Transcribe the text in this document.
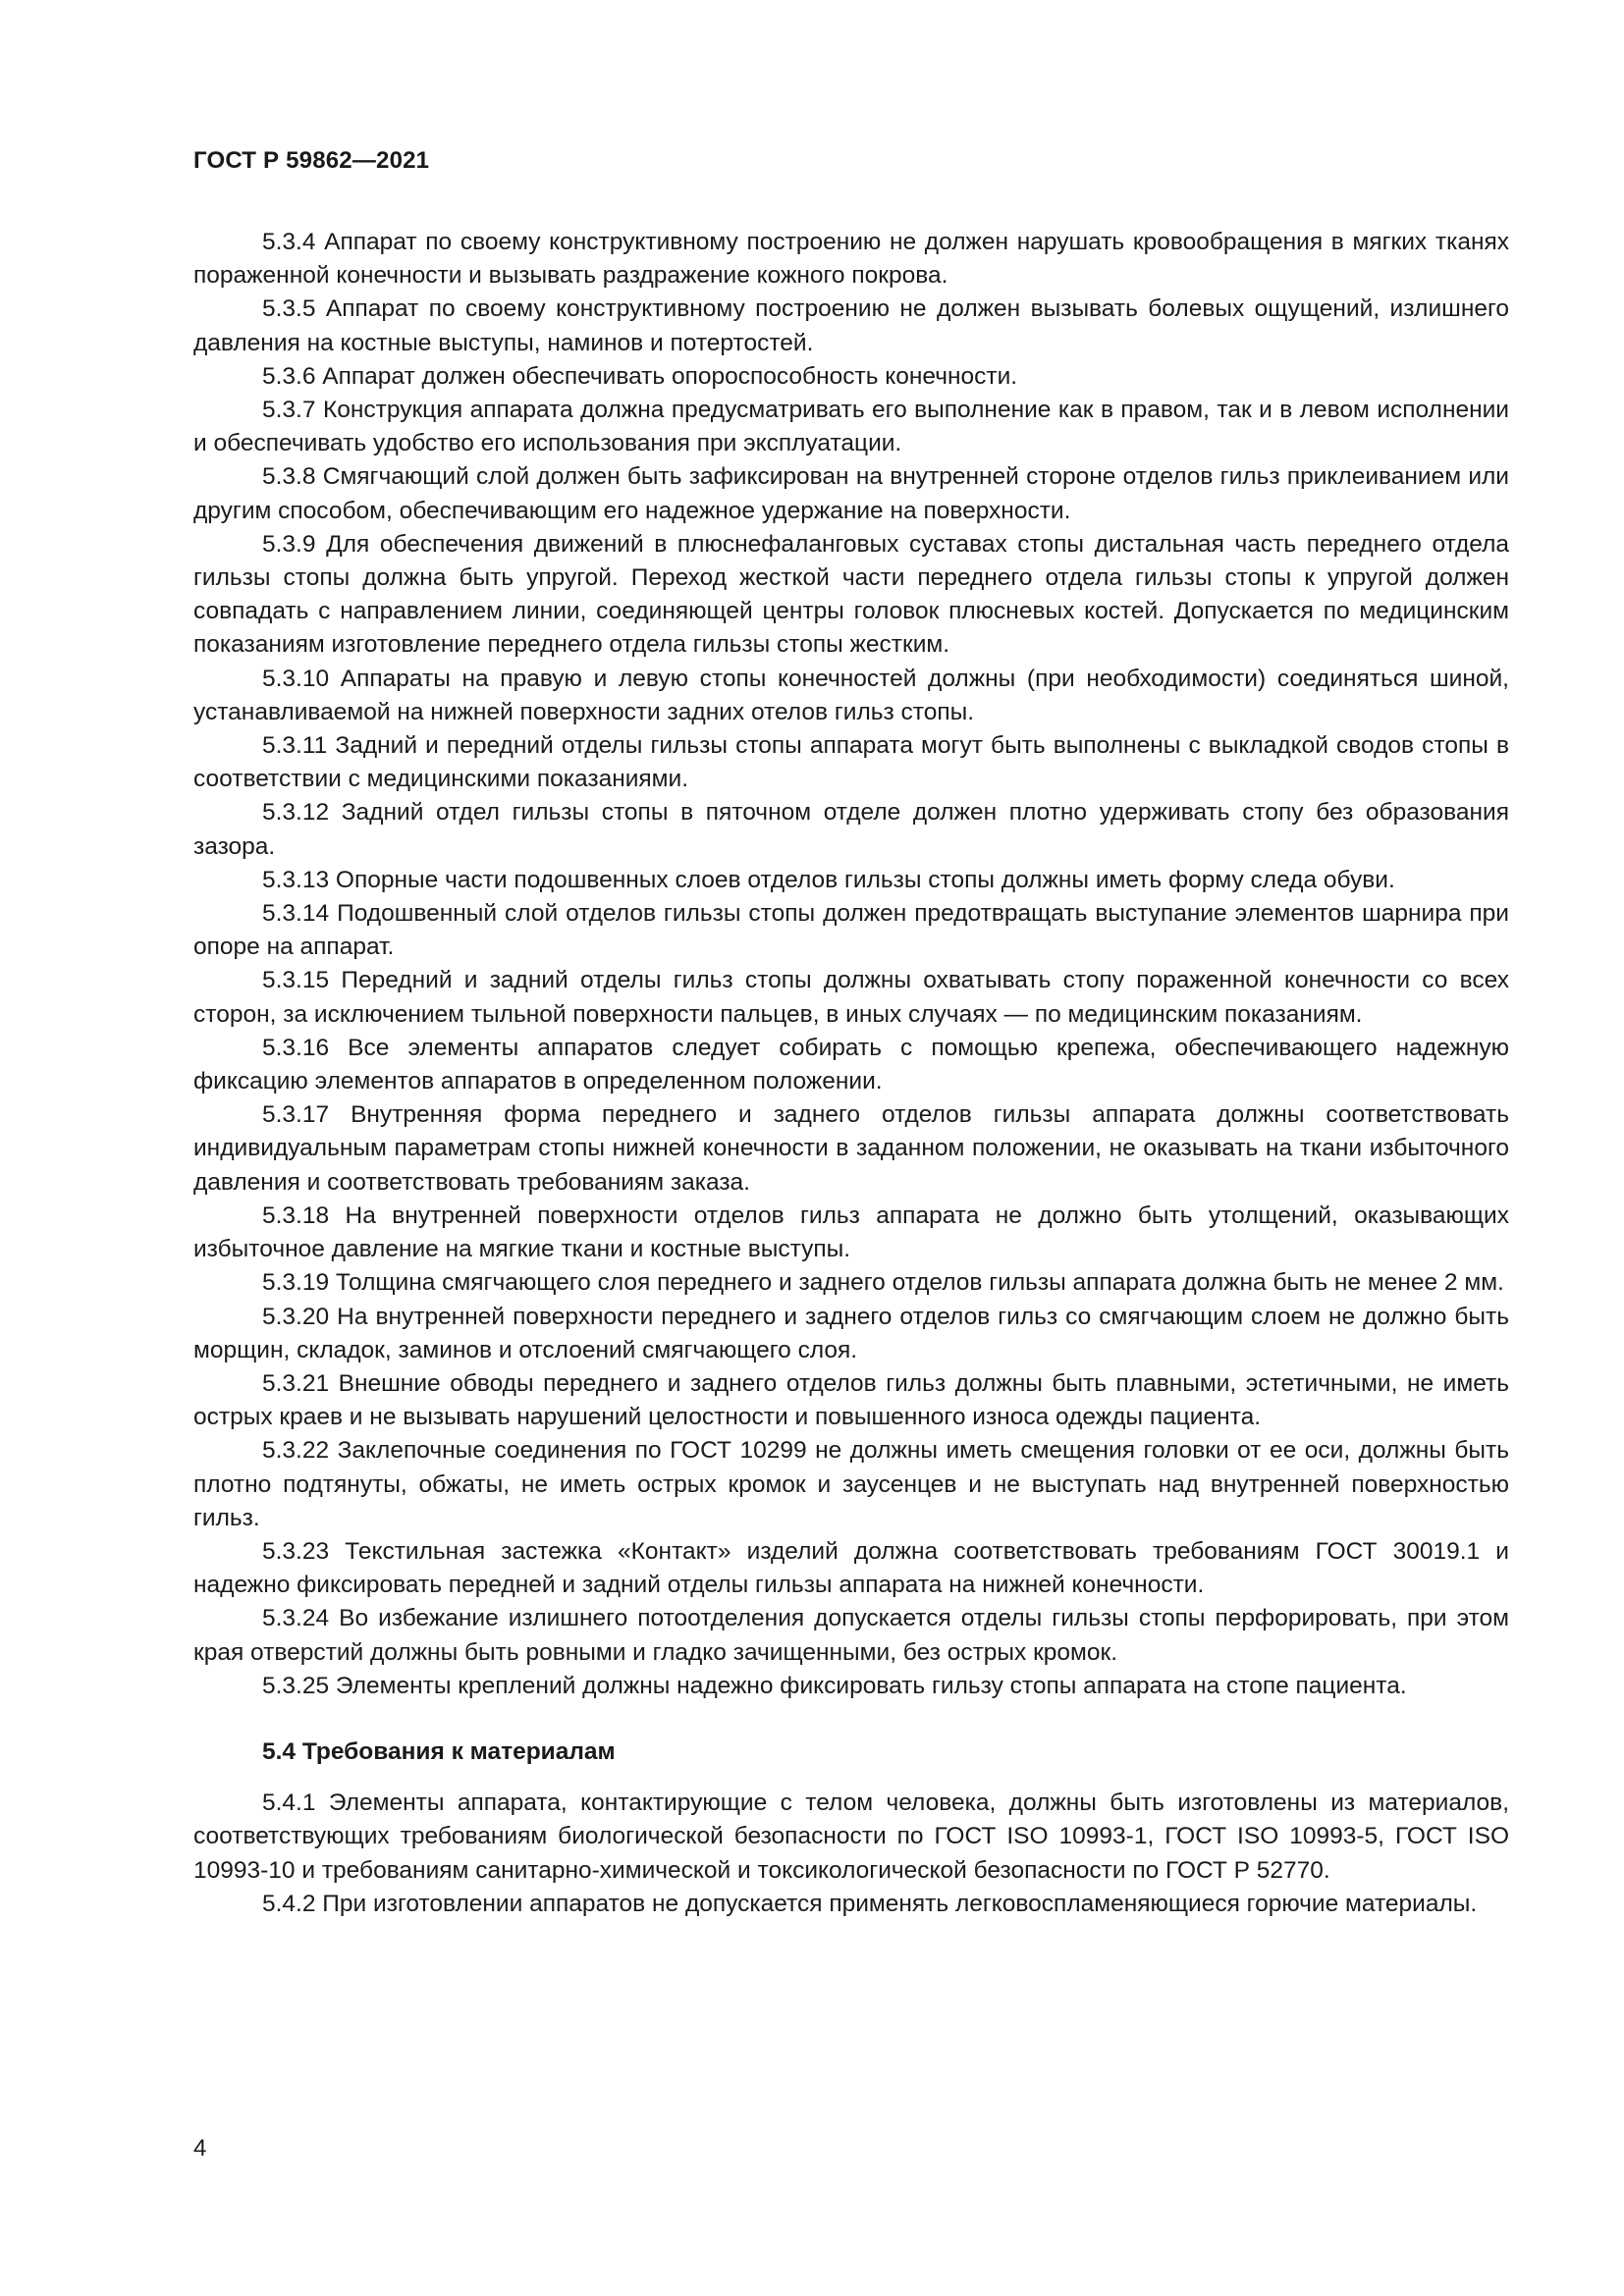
ГОСТ Р 59862—2021

5.3.4 Аппарат по своему конструктивному построению не должен нарушать кровообращения в мягких тканях пораженной конечности и вызывать раздражение кожного покрова.

5.3.5 Аппарат по своему конструктивному построению не должен вызывать болевых ощущений, излишнего давления на костные выступы, наминов и потертостей.

5.3.6 Аппарат должен обеспечивать опороспособность конечности.

5.3.7 Конструкция аппарата должна предусматривать его выполнение как в правом, так и в левом исполнении и обеспечивать удобство его использования при эксплуатации.

5.3.8 Смягчающий слой должен быть зафиксирован на внутренней стороне отделов гильз приклеиванием или другим способом, обеспечивающим его надежное удержание на поверхности.

5.3.9 Для обеспечения движений в плюснефаланговых суставах стопы дистальная часть переднего отдела гильзы стопы должна быть упругой. Переход жесткой части переднего отдела гильзы стопы к упругой должен совпадать с направлением линии, соединяющей центры головок плюсневых костей. Допускается по медицинским показаниям изготовление переднего отдела гильзы стопы жестким.

5.3.10 Аппараты на правую и левую стопы конечностей должны (при необходимости) соединяться шиной, устанавливаемой на нижней поверхности задних отелов гильз стопы.

5.3.11 Задний и передний отделы гильзы стопы аппарата могут быть выполнены с выкладкой сводов стопы в соответствии с медицинскими показаниями.

5.3.12 Задний отдел гильзы стопы в пяточном отделе должен плотно удерживать стопу без образования зазора.

5.3.13 Опорные части подошвенных слоев отделов гильзы стопы должны иметь форму следа обуви.

5.3.14 Подошвенный слой отделов гильзы стопы должен предотвращать выступание элементов шарнира при опоре на аппарат.

5.3.15 Передний и задний отделы гильз стопы должны охватывать стопу пораженной конечности со всех сторон, за исключением тыльной поверхности пальцев, в иных случаях — по медицинским показаниям.

5.3.16 Все элементы аппаратов следует собирать с помощью крепежа, обеспечивающего надежную фиксацию элементов аппаратов в определенном положении.

5.3.17 Внутренняя форма переднего и заднего отделов гильзы аппарата должны соответствовать индивидуальным параметрам стопы нижней конечности в заданном положении, не оказывать на ткани избыточного давления и соответствовать требованиям заказа.

5.3.18 На внутренней поверхности отделов гильз аппарата не должно быть утолщений, оказывающих избыточное давление на мягкие ткани и костные выступы.

5.3.19 Толщина смягчающего слоя переднего и заднего отделов гильзы аппарата должна быть не менее 2 мм.

5.3.20 На внутренней поверхности переднего и заднего отделов гильз со смягчающим слоем не должно быть морщин, складок, заминов и отслоений смягчающего слоя.

5.3.21 Внешние обводы переднего и заднего отделов гильз должны быть плавными, эстетичными, не иметь острых краев и не вызывать нарушений целостности и повышенного износа одежды пациента.

5.3.22 Заклепочные соединения по ГОСТ 10299 не должны иметь смещения головки от ее оси, должны быть плотно подтянуты, обжаты, не иметь острых кромок и заусенцев и не выступать над внутренней поверхностью гильз.

5.3.23 Текстильная застежка «Контакт» изделий должна соответствовать требованиям ГОСТ 30019.1 и надежно фиксировать передней и задний отделы гильзы аппарата на нижней конечности.

5.3.24 Во избежание излишнего потоотделения допускается отделы гильзы стопы перфорировать, при этом края отверстий должны быть ровными и гладко зачищенными, без острых кромок.

5.3.25 Элементы креплений должны надежно фиксировать гильзу стопы аппарата на стопе пациента.

5.4 Требования к материалам

5.4.1 Элементы аппарата, контактирующие с телом человека, должны быть изготовлены из материалов, соответствующих требованиям биологической безопасности по ГОСТ ISO 10993-1, ГОСТ ISO 10993-5, ГОСТ ISO 10993-10 и требованиям санитарно-химической и токсикологической безопасности по ГОСТ Р 52770.

5.4.2 При изготовлении аппаратов не допускается применять легковоспламеняющиеся горючие материалы.

4
